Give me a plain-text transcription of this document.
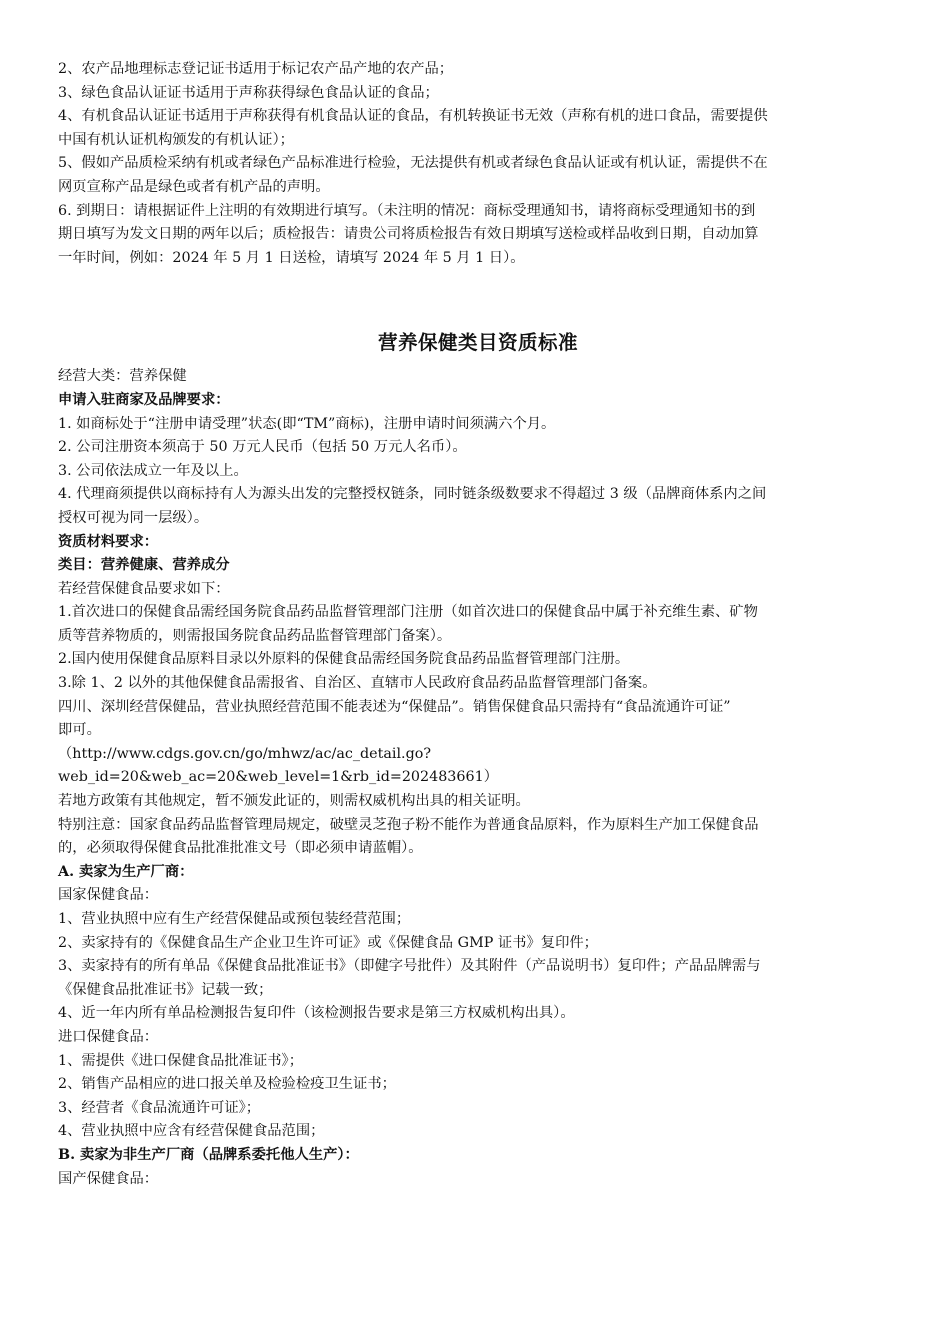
2、农产品地理标志登记证书适用于标记农产品产地的农产品；

3、绿色食品认证证书适用于声称获得绿色食品认证的食品；

4、有机食品认证证书适用于声称获得有机食品认证的食品，有机转换证书无效（声称有机的进口食品，需要提供

中国有机认证机构颁发的有机认证）；

5、假如产品质检采纳有机或者绿色产品标准进行检验，无法提供有机或者绿色食品认证或有机认证，需提供不在

网页宣称产品是绿色或者有机产品的声明。

6. 到期日：请根据证件上注明的有效期进行填写。（未注明的情况：商标受理通知书，请将商标受理通知书的到

期日填写为发文日期的两年以后；质检报告：请贵公司将质检报告有效日期填写送检或样品收到日期，自动加算

一年时间，例如：2024 年 5 月 1 日送检，请填写 2024 年 5 月 1 日）。

营养保健类目资质标准

经营大类：营养保健

申请入驻商家及品牌要求：

1. 如商标处于“注册申请受理”状态(即“TM”商标)，注册申请时间须满六个月。

2. 公司注册资本须高于 50 万元人民币（包括 50 万元人名币）。

3. 公司依法成立一年及以上。

4. 代理商须提供以商标持有人为源头出发的完整授权链条，同时链条级数要求不得超过 3 级（品牌商体系内之间

授权可视为同一层级）。

资质材料要求：

类目：营养健康、营养成分

若经营保健食品要求如下：

1.首次进口的保健食品需经国务院食品药品监督管理部门注册（如首次进口的保健食品中属于补充维生素、矿物

质等营养物质的，则需报国务院食品药品监督管理部门备案）。

2.国内使用保健食品原料目录以外原料的保健食品需经国务院食品药品监督管理部门注册。

3.除 1、2 以外的其他保健食品需报省、自治区、直辖市人民政府食品药品监督管理部门备案。

四川、深圳经营保健品，营业执照经营范围不能表述为“保健品”。销售保健食品只需持有“食品流通许可证”

即可。

（http://www.cdgs.gov.cn/go/mhwz/ac/ac_detail.go?

web_id=20&web_ac=20&web_level=1&rb_id=202483661）

若地方政策有其他规定，暂不颁发此证的，则需权威机构出具的相关证明。

特别注意：国家食品药品监督管理局规定，破壁灵芝孢子粉不能作为普通食品原料，作为原料生产加工保健食品

的，必须取得保健食品批准批准文号（即必须申请蓝帽）。

A. 卖家为生产厂商：

国家保健食品：

1、营业执照中应有生产经营保健品或预包装经营范围；

2、卖家持有的《保健食品生产企业卫生许可证》或《保健食品 GMP 证书》复印件；

3、卖家持有的所有单品《保健食品批准证书》（即健字号批件）及其附件（产品说明书）复印件；产品品牌需与

《保健食品批准证书》记载一致；

4、近一年内所有单品检测报告复印件（该检测报告要求是第三方权威机构出具）。

进口保健食品：

1、需提供《进口保健食品批准证书》；

2、销售产品相应的进口报关单及检验检疫卫生证书；

3、经营者《食品流通许可证》；

4、营业执照中应含有经营保健食品范围；

B. 卖家为非生产厂商（品牌系委托他人生产）：

国产保健食品：
